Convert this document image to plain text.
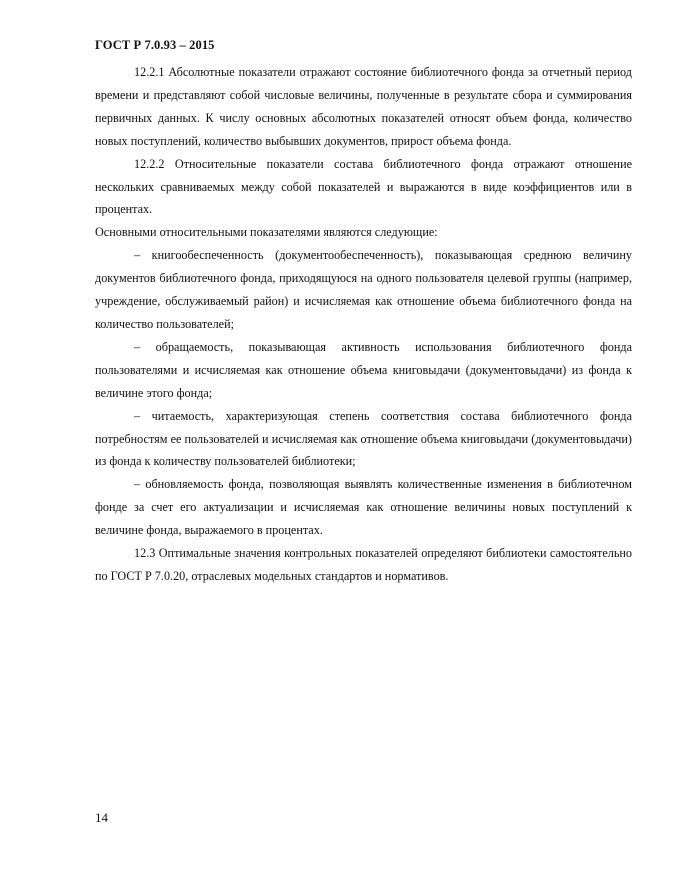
ГОСТ Р 7.0.93 – 2015

12.2.1 Абсолютные показатели отражают состояние библиотечного фонда за отчетный период времени и представляют собой числовые величины, полученные в результате сбора и суммирования первичных данных. К числу основных абсолютных показателей относят объем фонда, количество новых поступлений, количество выбывших документов, прирост объема фонда.

12.2.2 Относительные показатели состава библиотечного фонда отражают отношение нескольких сравниваемых между собой показателей и выражаются в виде коэффициентов или в процентах.

Основными относительными показателями являются следующие:

– книгообеспеченность (документообеспеченность), показывающая среднюю величину документов библиотечного фонда, приходящуюся на одного пользователя целевой группы (например, учреждение, обслуживаемый район) и исчисляемая как отношение объема библиотечного фонда на количество пользователей;

– обращаемость, показывающая активность использования библиотечного фонда пользователями и исчисляемая как отношение объема книговыдачи (документовыдачи) из фонда к величине этого фонда;

– читаемость, характеризующая степень соответствия состава библиотечного фонда потребностям ее пользователей и исчисляемая как отношение объема книговыдачи (документовыдачи) из фонда к количеству пользователей библиотеки;

– обновляемость фонда, позволяющая выявлять количественные изменения в библиотечном фонде за счет его актуализации и исчисляемая как отношение величины новых поступлений к величине фонда, выражаемого в процентах.

12.3 Оптимальные значения контрольных показателей определяют библиотеки самостоятельно по ГОСТ Р 7.0.20, отраслевых модельных стандартов и нормативов.

14
